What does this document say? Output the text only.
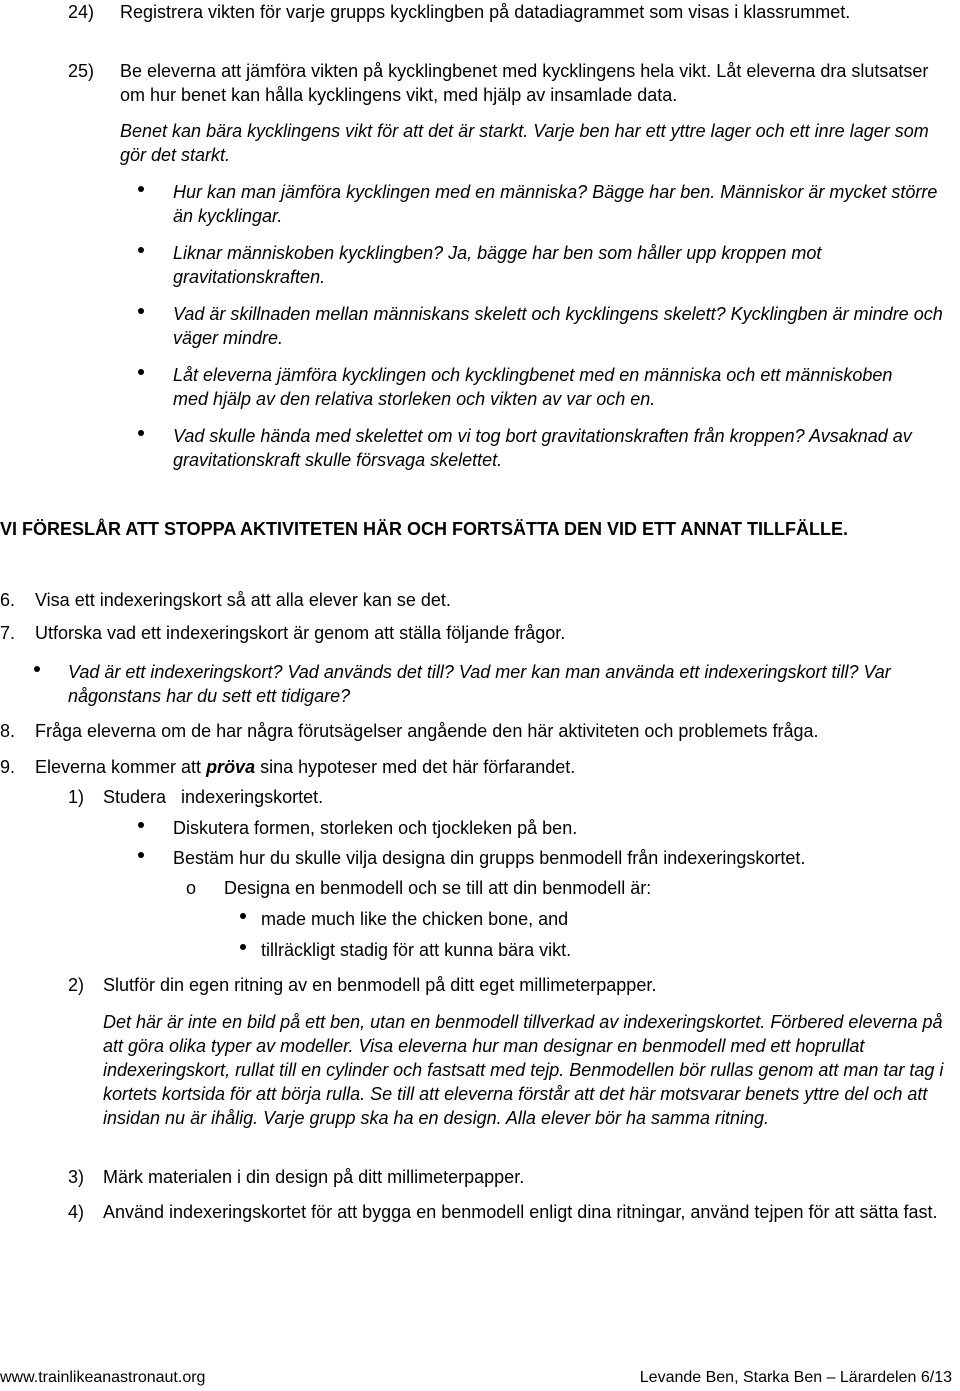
24) Registrera vikten för varje grupps kycklingben på datadiagrammet som visas i klassrummet.

25) Be eleverna att jämföra vikten på kycklingbenet med kycklingens hela vikt. Låt eleverna dra slutsatser om hur benet kan hålla kycklingens vikt, med hjälp av insamlade data.

Benet kan bära kycklingens vikt för att det är starkt. Varje ben har ett yttre lager och ett inre lager som gör det starkt.

Hur kan man jämföra kycklingen med en människa? Bägge har ben. Människor är mycket större än kycklingar.

Liknar människoben kycklingben? Ja, bägge har ben som håller upp kroppen mot gravitationskraften.

Vad är skillnaden mellan människans skelett och kycklingens skelett? Kycklingben är mindre och väger mindre.

Låt eleverna jämföra kycklingen och kycklingbenet med en människa och ett människoben med hjälp av den relativa storleken och vikten av var och en.

Vad skulle hända med skelettet om vi tog bort gravitationskraften från kroppen? Avsaknad av gravitationskraft skulle försvaga skelettet.

VI FÖRESLÅR ATT STOPPA AKTIVITETEN HÄR OCH FORTSÄTTA DEN VID ETT ANNAT TILLFÄLLE.

6. Visa ett indexeringskort så att alla elever kan se det.

7. Utforska vad ett indexeringskort är genom att ställa följande frågor.

Vad är ett indexeringskort? Vad används det till? Vad mer kan man använda ett indexeringskort till? Var någonstans har du sett ett tidigare?

8. Fråga eleverna om de har några förutsägelser angående den här aktiviteten och problemets fråga.

9. Eleverna kommer att pröva sina hypoteser med det här förfarandet.

1) Studera   indexeringskortet.

Diskutera formen, storleken och tjockleken på ben.

Bestäm hur du skulle vilja designa din grupps benmodell från indexeringskortet.

o Designa en benmodell och se till att din benmodell är:

made much like the chicken bone, and

tillräckligt stadig för att kunna bära vikt.

2) Slutför din egen ritning av en benmodell på ditt eget millimeterpapper.

Det här är inte en bild på ett ben, utan en benmodell tillverkad av indexeringskortet. Förbered eleverna på att göra olika typer av modeller. Visa eleverna hur man designar en benmodell med ett hoprullat indexeringskort, rullat till en cylinder och fastsatt med tejp. Benmodellen bör rullas genom att man tar tag i kortets kortsida för att börja rulla. Se till att eleverna förstår att det här motsvarar benets yttre del och att insidan nu är ihålig. Varje grupp ska ha en design. Alla elever bör ha samma ritning.

3) Märk materialen i din design på ditt millimeterpapper.

4) Använd indexeringskortet för att bygga en benmodell enligt dina ritningar, använd tejpen för att sätta fast.

www.trainlikeanastronaut.org	Levande Ben, Starka Ben – Lärardelen 6/13
